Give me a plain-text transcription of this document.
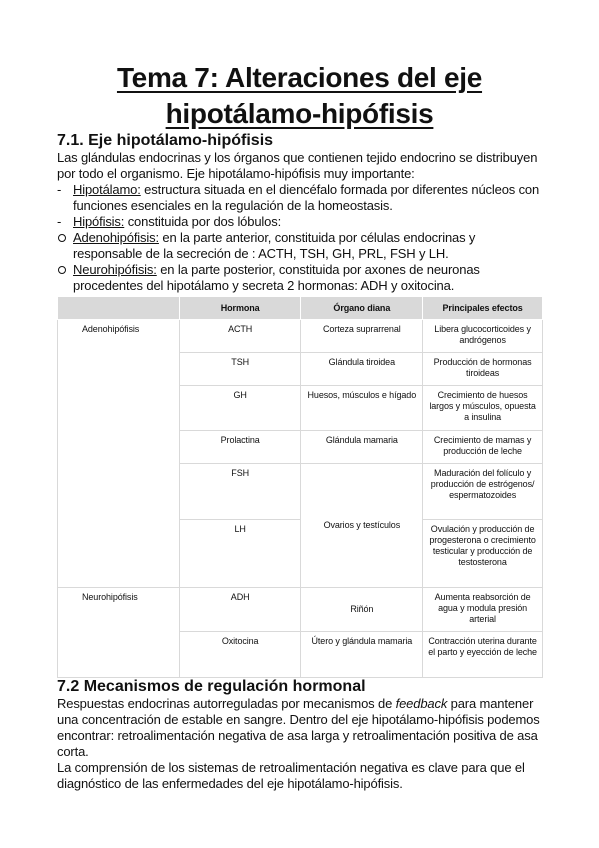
Tema 7: Alteraciones del eje
hipotálamo-hipófisis
7.1. Eje hipotálamo-hipófisis
Las glándulas endocrinas y los órganos que contienen tejido endocrino se distribuyen por todo el organismo. Eje hipotálamo-hipófisis muy importante:
- Hipotálamo: estructura situada en el diencéfalo formada por diferentes núcleos con funciones esenciales en la regulación de la homeostasis.
- Hipófisis: constituida por dos lóbulos:
Adenohipófisis: en la parte anterior, constituida por células endocrinas y responsable de la secreción de : ACTH, TSH, GH, PRL, FSH y LH.
Neurohipófisis: en la parte posterior, constituida por axones de neuronas procedentes del hipotálamo y secreta 2 hormonas: ADH y oxitocina.
	Hormona	Órgano diana	Principales efectos
Adenohipófisis	ACTH	Corteza suprarrenal	Libera glucocorticoides y andrógenos
	TSH	Glándula tiroidea	Producción de hormonas tiroideas
	GH	Huesos, músculos e hígado	Crecimiento de huesos largos y músculos, opuesta a insulina
	Prolactina	Glándula mamaria	Crecimiento de mamas y producción de leche
	FSH	Ovarios y testículos	Maduración del folículo y producción de estrógenos/ espermatozoides
	LH		Ovulación y producción de progesterona o crecimiento testicular y producción de testosterona
Neurohipófisis	ADH	Riñón	Aumenta reabsorción de agua y modula presión arterial
	Oxitocina	Útero y glándula mamaria	Contracción uterina durante el parto y eyección de leche
7.2 Mecanismos de regulación hormonal

Respuestas endocrinas autorreguladas por mecanismos de feedback para mantener una concentración de estable en sangre. Dentro del eje hipotálamo-hipófisis podemos encontrar: retroalimentación negativa de asa larga y retroalimentación positiva de asa corta.

La comprensión de los sistemas de retroalimentación negativa es clave para que el diagnóstico de las enfermedades del eje hipotálamo-hipófisis.
